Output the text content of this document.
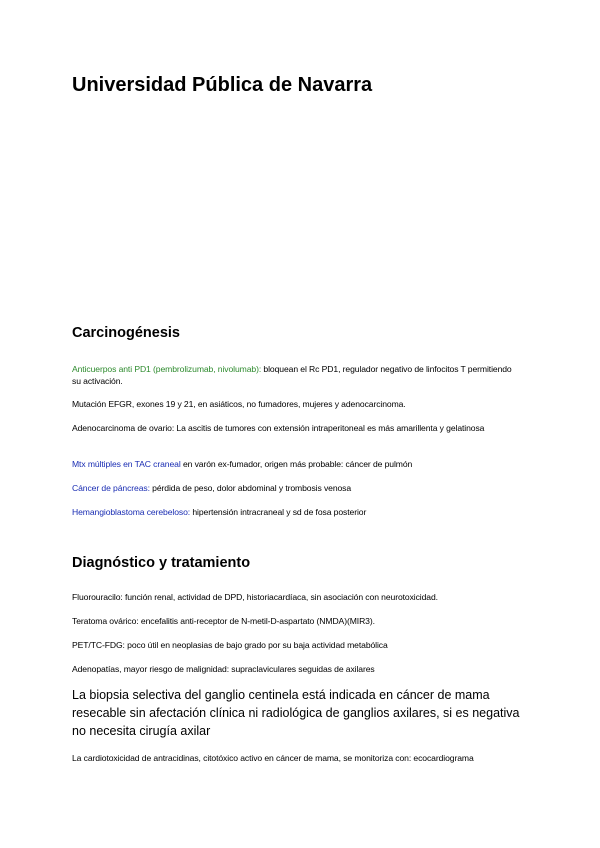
Universidad Pública de Navarra
Carcinogénesis

Anticuerpos anti PD1 (pembrolizumab, nivolumab): bloquean el Rc PD1, regulador negativo de linfocitos T permitiendo su activación.

Mutación EFGR, exones 19 y 21, en asiáticos, no fumadores, mujeres y adenocarcinoma.

Adenocarcinoma de ovario: La ascitis de tumores con extensión intraperitoneal es más amarillenta y gelatinosa

Mtx múltiples en TAC craneal en varón ex-fumador, origen más probable: cáncer de pulmón

Cáncer de páncreas: pérdida de peso, dolor abdominal y trombosis venosa

Hemangioblastoma cerebeloso: hipertensión intracraneal y sd de fosa posterior

Diagnóstico y tratamiento

Fluorouracilo: función renal, actividad de DPD, historiacardíaca, sin asociación con neurotoxicidad.

Teratoma ovárico: encefalitis anti-receptor de N-metil-D-aspartato (NMDA)(MIR3).

PET/TC-FDG: poco útil en neoplasias de bajo grado por su baja actividad metabólica

Adenopatías, mayor riesgo de malignidad: supraclaviculares seguidas de axilares

La biopsia selectiva del ganglio centinela está indicada en cáncer de mama resecable sin afectación clínica ni radiológica de ganglios axilares, si es negativa no necesita cirugía axilar

La cardiotoxicidad de antracidinas, citotóxico activo en cáncer de mama, se monitoriza con: ecocardiograma
